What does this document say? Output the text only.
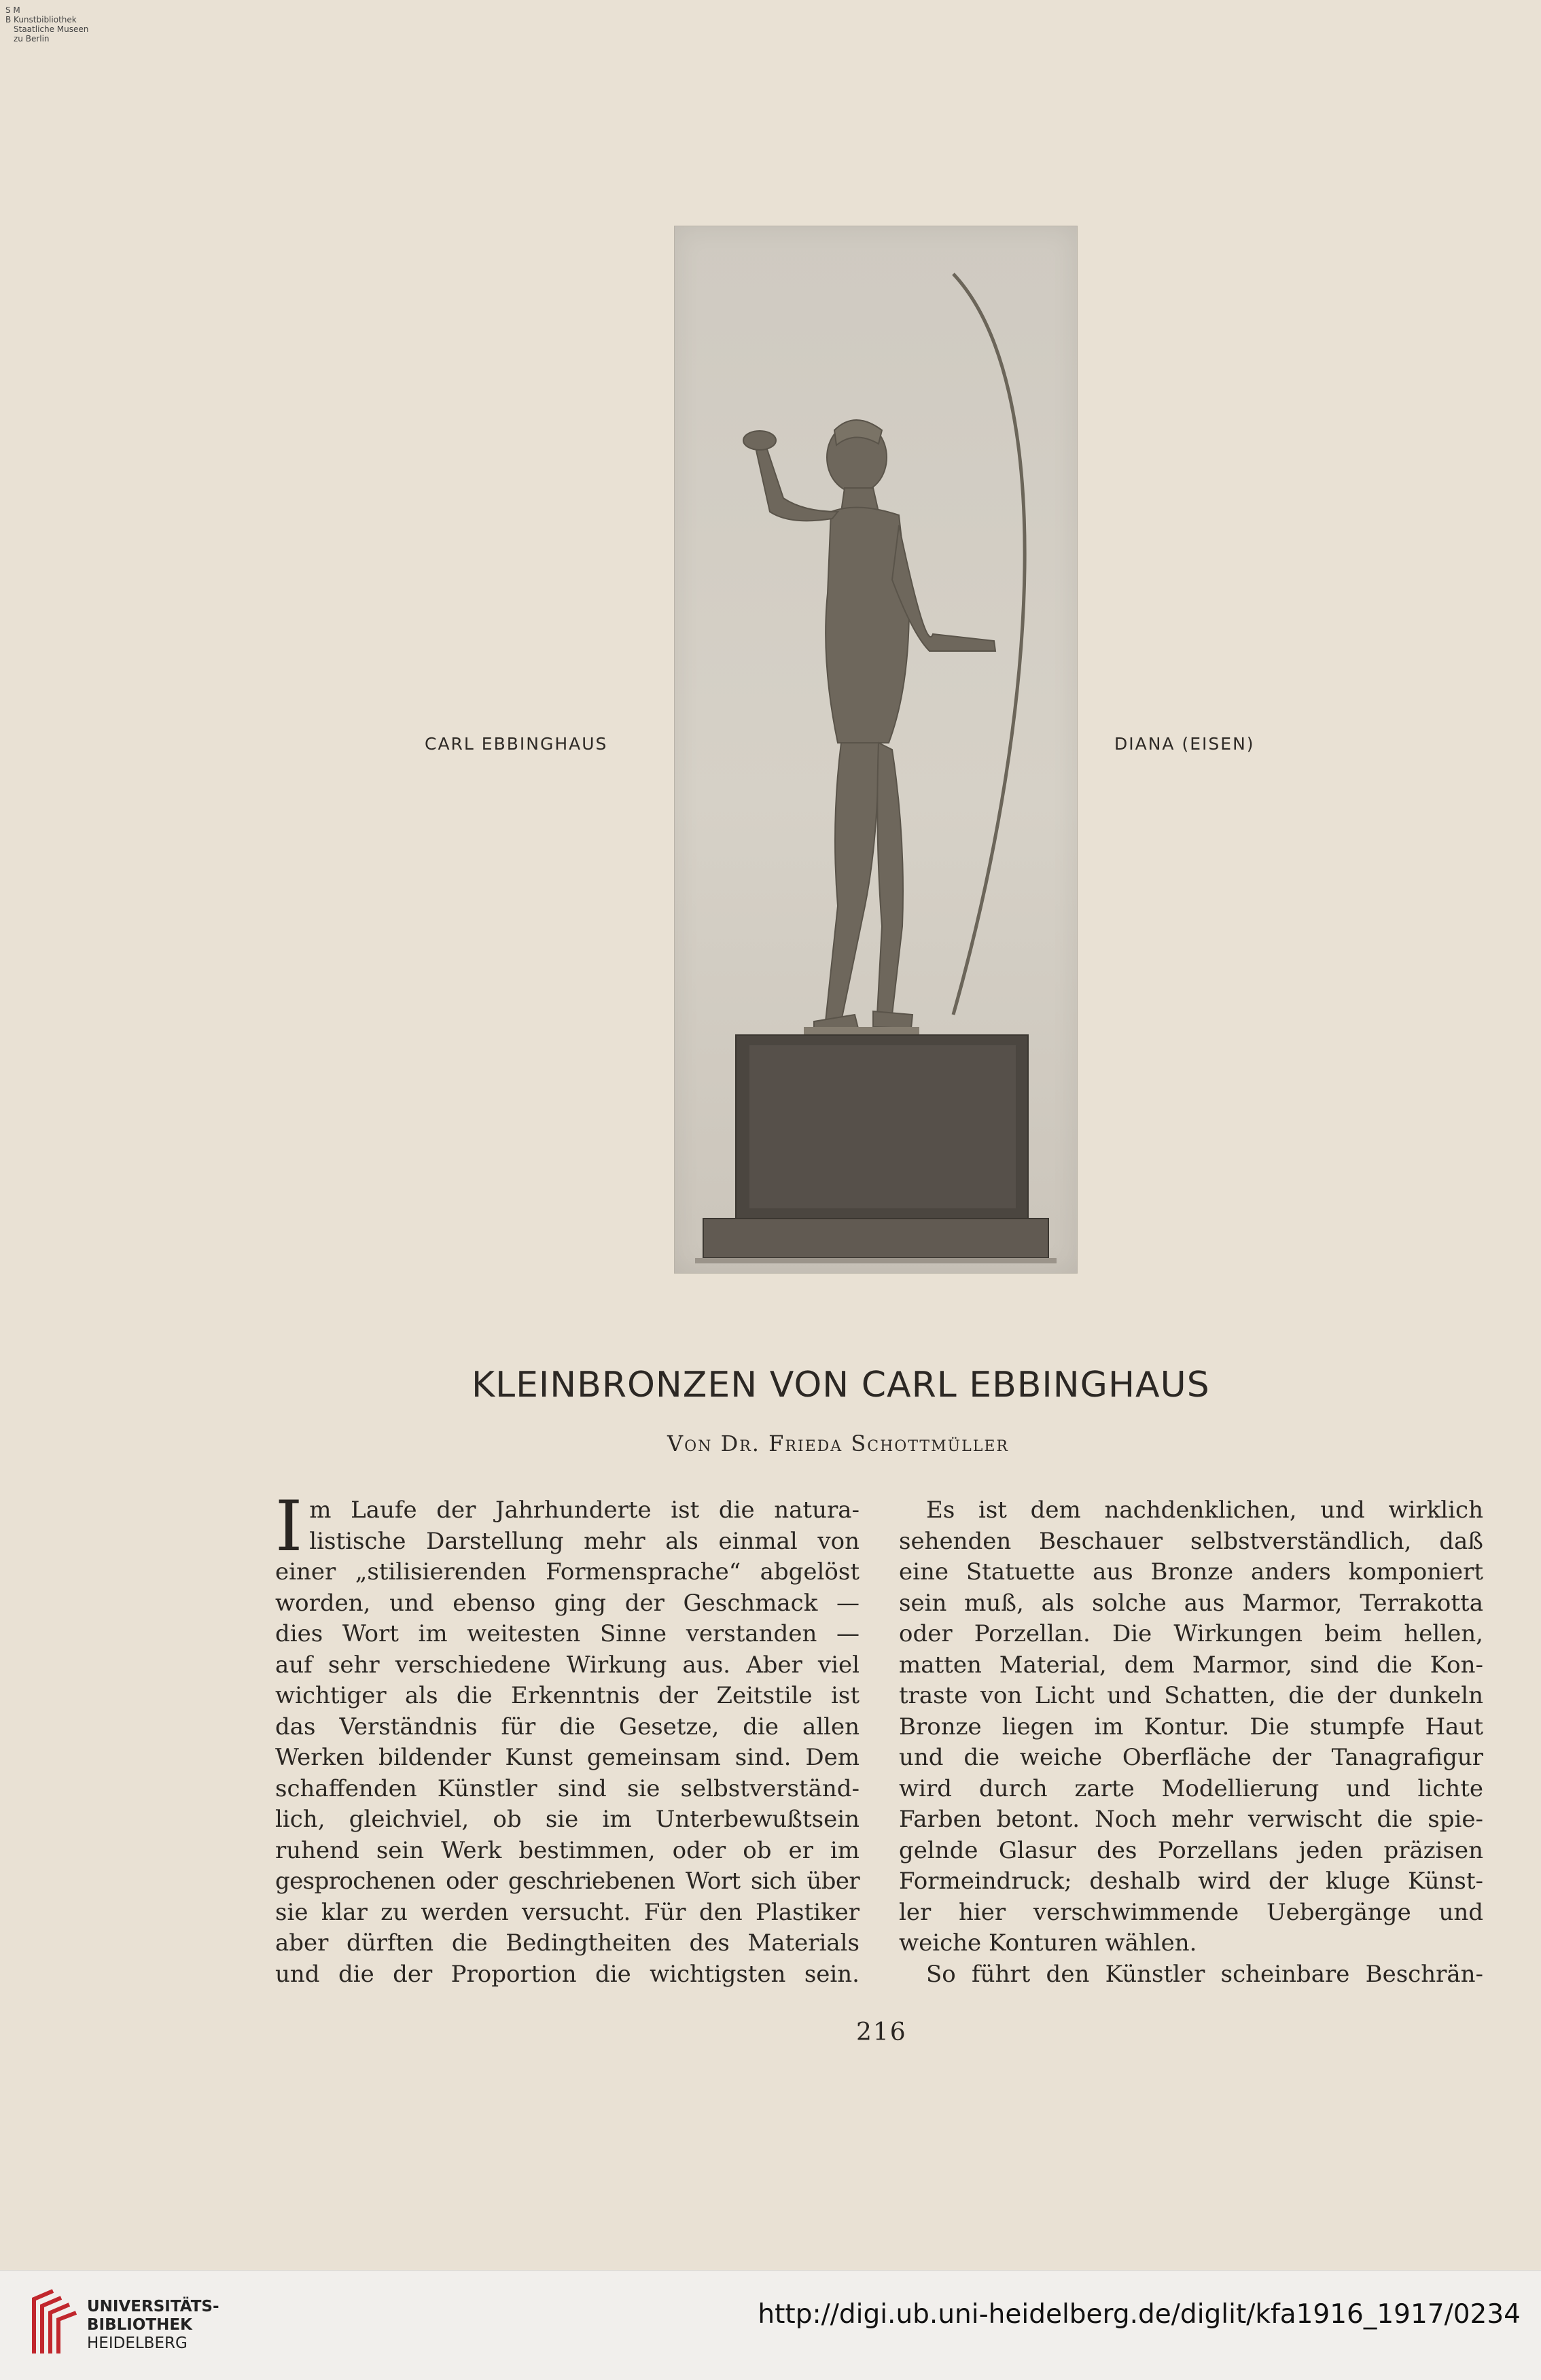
S M
B Kunstbibliothek
Staatliche Museen
zu Berlin
CARL EBBINGHAUS	DIANA (EISEN)
KLEINBRONZEN VON CARL EBBINGHAUS
Von Dr. Frieda Schottmüller
I m Laufe der Jahrhunderte ist die natura-
listische Darstellung mehr als einmal von
einer „stilisierenden Formensprache“ abgelöst
worden, und ebenso ging der Geschmack —
dies Wort im weitesten Sinne verstanden —
auf sehr verschiedene Wirkung aus. Aber viel
wichtiger als die Erkenntnis der Zeitstile ist
das Verständnis für die Gesetze, die allen
Werken bildender Kunst gemeinsam sind. Dem
schaffenden Künstler sind sie selbstverständ-
lich, gleichviel, ob sie im Unterbewußtsein
ruhend sein Werk bestimmen, oder ob er im
gesprochenen oder geschriebenen Wort sich über
sie klar zu werden versucht. Für den Plastiker
aber dürften die Bedingtheiten des Materials
und die der Proportion die wichtigsten sein.
Es ist dem nachdenklichen, und wirklich
sehenden Beschauer selbstverständlich, daß
eine Statuette aus Bronze anders komponiert
sein muß, als solche aus Marmor, Terrakotta
oder Porzellan. Die Wirkungen beim hellen,
matten Material, dem Marmor, sind die Kon-
traste von Licht und Schatten, die der dunkeln
Bronze liegen im Kontur. Die stumpfe Haut
und die weiche Oberfläche der Tanagrafigur
wird durch zarte Modellierung und lichte
Farben betont. Noch mehr verwischt die spie-
gelnde Glasur des Porzellans jeden präzisen
Formeindruck; deshalb wird der kluge Künst-
ler hier verschwimmende Uebergänge und
weiche Konturen wählen.
So führt den Künstler scheinbare Beschrän-
216
UNIVERSITÄTS-
BIBLIOTHEK
HEIDELBERG
http://digi.ub.uni-heidelberg.de/diglit/kfa1916_1917/0234
